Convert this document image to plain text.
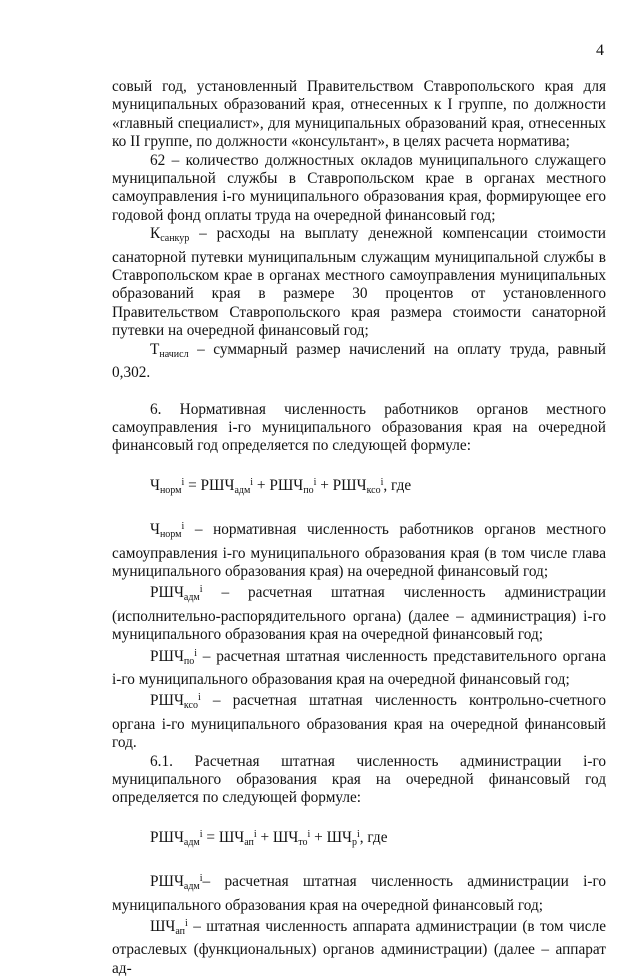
4

совый год, установленный Правительством Ставропольского края для муниципальных образований края, отнесенных к I группе, по должности «главный специалист», для муниципальных образований края, отнесенных ко II группе, по должности «консультант», в целях расчета норматива;

62 – количество должностных окладов муниципального служащего муниципальной службы в Ставропольском крае в органах местного самоуправления i-го муниципального образования края, формирующее его годовой фонд оплаты труда на очередной финансовый год;

$К_{санкур}$ – расходы на выплату денежной компенсации стоимости санаторной путевки муниципальным служащим муниципальной службы в Ставропольском крае в органах местного самоуправления муниципальных образований края в размере 30 процентов от установленного Правительством Ставропольского края размера стоимости санаторной путевки на очередной финансовый год;

$Т_{начисл}$ – суммарный размер начислений на оплату труда, равный 0,302.

6. Нормативная численность работников органов местного самоуправления i-го муниципального образования края на очередной финансовый год определяется по следующей формуле:

$Ч_{норм}^i = РШЧ_{адм}^i + РШЧ_{по}^i + РШЧ_{ксо}^i$, где

$Ч_{норм}^i$ – нормативная численность работников органов местного самоуправления i-го муниципального образования края (в том числе глава муниципального образования края) на очередной финансовый год;

$РШЧ_{адм}^i$ – расчетная штатная численность администрации (исполнительно-распорядительного органа) (далее – администрация) i-го муниципального образования края на очередной финансовый год;

$РШЧ_{по}^i$ – расчетная штатная численность представительного органа i-го муниципального образования края на очередной финансовый год;

$РШЧ_{ксо}^i$ – расчетная штатная численность контрольно-счетного органа i-го муниципального образования края на очередной финансовый год.

6.1. Расчетная штатная численность администрации i-го муниципального образования края на очередной финансовый год определяется по следующей формуле:

$РШЧ_{адм}^i = ШЧ_{ап}^i + ШЧ_{то}^i + ШЧ_р^i$, где

$РШЧ_{адм}^i-$ расчетная штатная численность администрации i-го муниципального образования края на очередной финансовый год;

$ШЧ_{ап}^i$ – штатная численность аппарата администрации (в том числе отраслевых (функциональных) органов администрации) (далее – аппарат ад-
